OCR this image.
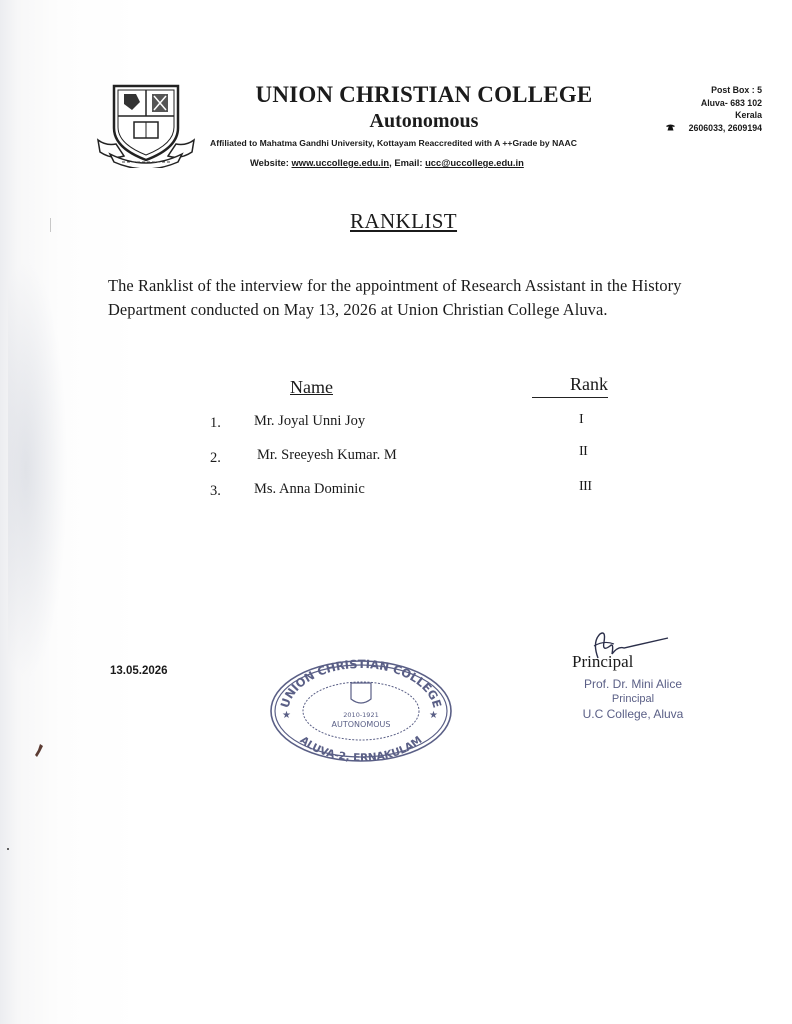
UNION CHRISTIAN COLLEGE
Autonomous
Affiliated to Mahatma Gandhi University, Kottayam Reaccredited with A ++Grade by NAAC
Website: www.uccollege.edu.in, Email: ucc@uccollege.edu.in
Post Box : 5
Aluva- 683 102
Kerala
2606033, 2609194
RANKLIST
The Ranklist of the interview for the appointment of Research Assistant in the History Department conducted on May 13, 2026 at Union Christian College Aluva.
Name	Rank
1. Mr. Joyal Unni Joy	I
2. Mr. Sreeyesh Kumar. M	II
3. Ms. Anna Dominic	III
13.05.2026
UNION CHRISTIAN COLLEGE
ALUVA-2, ERNAKULAM
2010-1921
AUTONOMOUS
★	★
Principal
Prof. Dr. Mini Alice
Principal
U.C College, Aluva
